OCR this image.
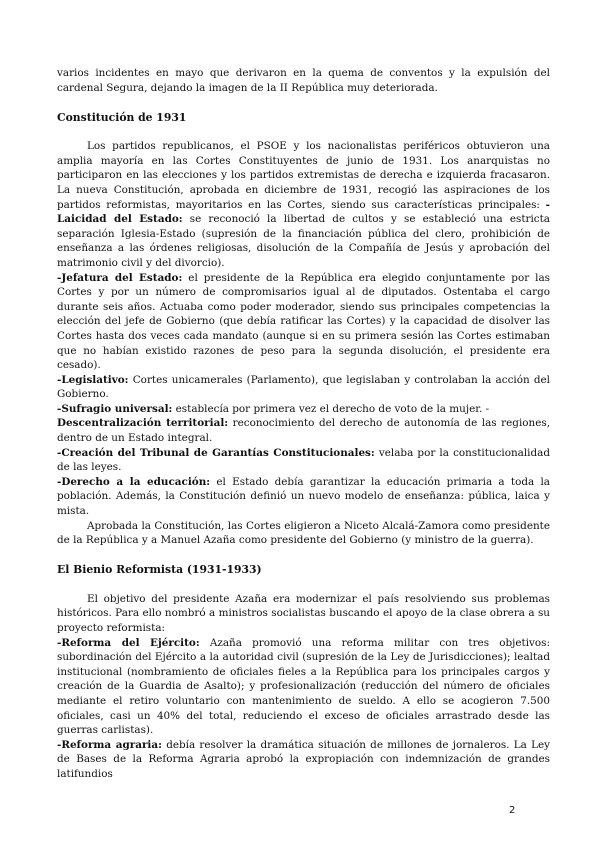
varios incidentes en mayo que derivaron en la quema de conventos y la expulsión del cardenal Segura, dejando la imagen de la II República muy deteriorada.

Constitución de 1931

Los partidos republicanos, el PSOE y los nacionalistas periféricos obtuvieron una amplia mayoría en las Cortes Constituyentes de junio de 1931. Los anarquistas no participaron en las elecciones y los partidos extremistas de derecha e izquierda fracasaron. La nueva Constitución, aprobada en diciembre de 1931, recogió las aspiraciones de los partidos reformistas, mayoritarios en las Cortes, siendo sus características principales: -Laicidad del Estado: se reconoció la libertad de cultos y se estableció una estricta separación Iglesia-Estado (supresión de la financiación pública del clero, prohibición de enseñanza a las órdenes religiosas, disolución de la Compañía de Jesús y aprobación del matrimonio civil y del divorcio).

-Jefatura del Estado: el presidente de la República era elegido conjuntamente por las Cortes y por un número de compromisarios igual al de diputados. Ostentaba el cargo durante seis años. Actuaba como poder moderador, siendo sus principales competencias la elección del jefe de Gobierno (que debía ratificar las Cortes) y la capacidad de disolver las Cortes hasta dos veces cada mandato (aunque si en su primera sesión las Cortes estimaban que no habían existido razones de peso para la segunda disolución, el presidente era cesado).

-Legislativo: Cortes unicamerales (Parlamento), que legislaban y controlaban la acción del Gobierno.

-Sufragio universal: establecía por primera vez el derecho de voto de la mujer. -

Descentralización territorial: reconocimiento del derecho de autonomía de las regiones, dentro de un Estado integral.

-Creación del Tribunal de Garantías Constitucionales: velaba por la constitucionalidad de las leyes.

-Derecho a la educación: el Estado debía garantizar la educación primaria a toda la población. Además, la Constitución definió un nuevo modelo de enseñanza: pública, laica y mista.

Aprobada la Constitución, las Cortes eligieron a Niceto Alcalá-Zamora como presidente de la República y a Manuel Azaña como presidente del Gobierno (y ministro de la guerra).

El Bienio Reformista (1931-1933)

El objetivo del presidente Azaña era modernizar el país resolviendo sus problemas históricos. Para ello nombró a ministros socialistas buscando el apoyo de la clase obrera a su proyecto reformista:

-Reforma del Ejército: Azaña promovió una reforma militar con tres objetivos: subordinación del Ejército a la autoridad civil (supresión de la Ley de Jurisdicciones); lealtad institucional (nombramiento de oficiales fieles a la República para los principales cargos y creación de la Guardia de Asalto); y profesionalización (reducción del número de oficiales mediante el retiro voluntario con mantenimiento de sueldo. A ello se acogieron 7.500 oficiales, casi un 40% del total, reduciendo el exceso de oficiales arrastrado desde las guerras carlistas).

-Reforma agraria: debía resolver la dramática situación de millones de jornaleros. La Ley de Bases de la Reforma Agraria aprobó la expropiación con indemnización de grandes latifundios

2
